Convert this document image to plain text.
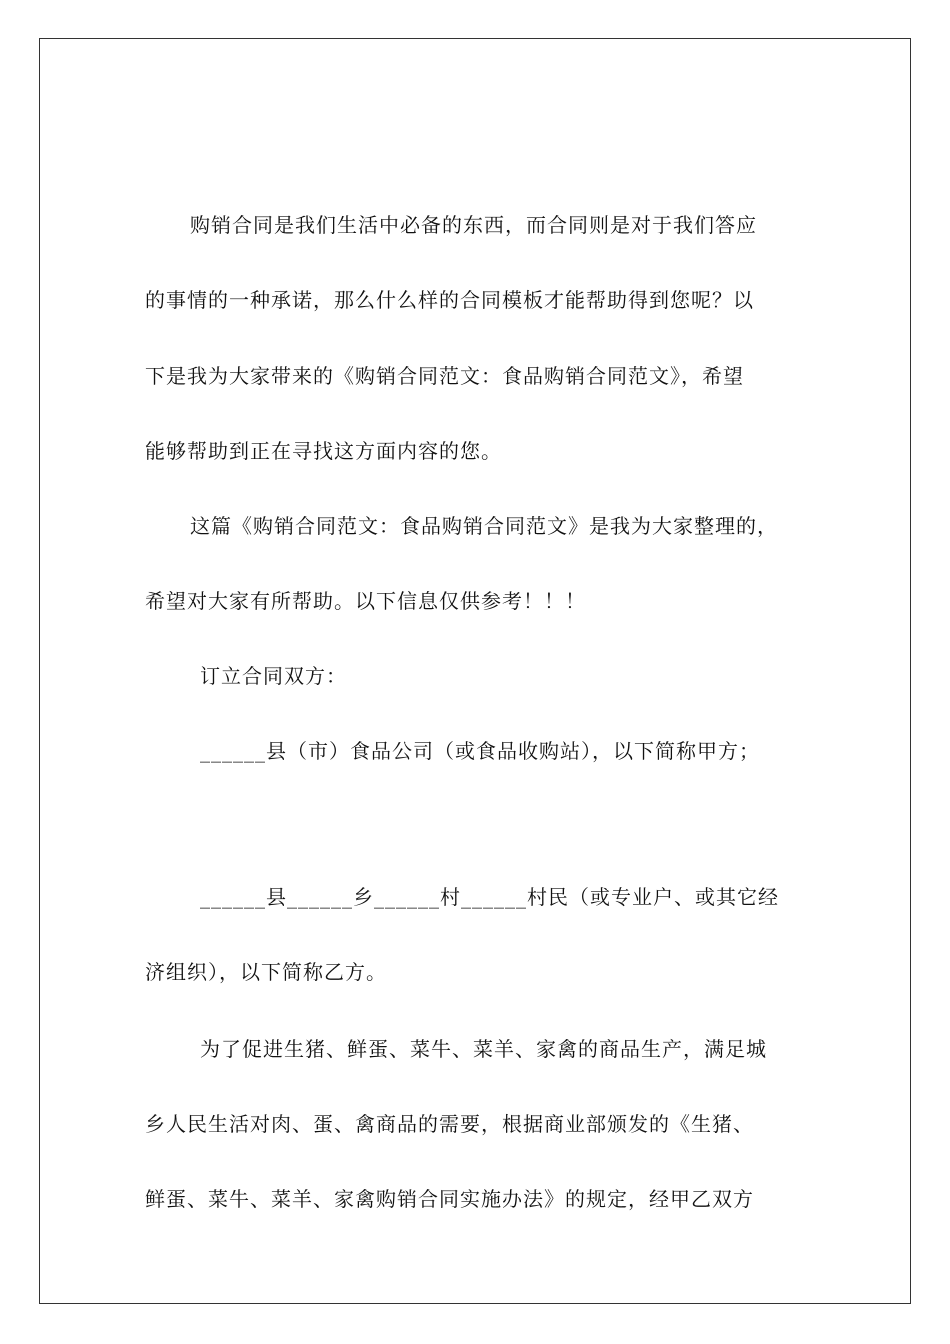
购销合同是我们生活中必备的东西，而合同则是对于我们答应
的事情的一种承诺，那么什么样的合同模板才能帮助得到您呢？以
下是我为大家带来的《购销合同范文：食品购销合同范文》，希望
能够帮助到正在寻找这方面内容的您。
这篇《购销合同范文：食品购销合同范文》是我为大家整理的，
希望对大家有所帮助。以下信息仅供参考！！！
订立合同双方：
______县（市）食品公司（或食品收购站），以下简称甲方；
______县______乡______村______村民（或专业户、或其它经
济组织），以下简称乙方。
为了促进生猪、鲜蛋、菜牛、菜羊、家禽的商品生产，满足城
乡人民生活对肉、蛋、禽商品的需要，根据商业部颁发的《生猪、
鲜蛋、菜牛、菜羊、家禽购销合同实施办法》的规定，经甲乙双方
